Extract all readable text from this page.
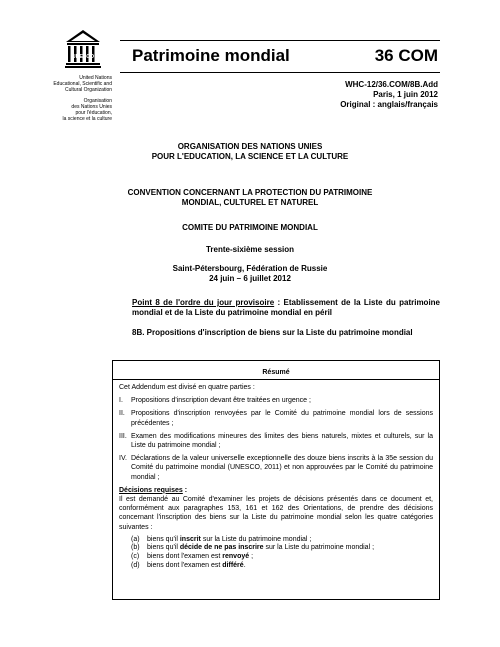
UNESCO
United Nations
Educational, Scientific and
Cultural Organization
Organisation
des Nations Unies
pour l'éducation,
la science et la culture
Patrimoine mondial	36 COM
WHC-12/36.COM/8B.Add
Paris, 1 juin 2012
Original : anglais/français
ORGANISATION DES NATIONS UNIES
POUR L'EDUCATION, LA SCIENCE ET LA CULTURE
CONVENTION CONCERNANT LA PROTECTION DU PATRIMOINE
MONDIAL, CULTUREL ET NATUREL
COMITE DU PATRIMOINE MONDIAL
Trente-sixième session
Saint-Pétersbourg, Fédération de Russie
24 juin – 6 juillet 2012
Point 8 de l'ordre du jour provisoire : Etablissement de la Liste du patrimoine mondial et de la Liste du patrimoine mondial en péril
8B. Propositions d'inscription de biens sur la Liste du patrimoine mondial
Résumé

Cet Addendum est divisé en quatre parties :

I.	Propositions d'inscription devant être traitées en urgence ;
II. Propositions d'inscription renvoyées par le Comité du patrimoine mondial lors de sessions précédentes ;
III. Examen des modifications mineures des limites des biens naturels, mixtes et culturels, sur la Liste du patrimoine mondial ;
IV. Déclarations de la valeur universelle exceptionnelle des douze biens inscrits à la 35e session du Comité du patrimoine mondial (UNESCO, 2011) et non approuvées par le Comité du patrimoine mondial ;

Décisions requises :
Il est demandé au Comité d'examiner les projets de décisions présentés dans ce document et, conformément aux paragraphes 153, 161 et 162 des Orientations, de prendre des décisions concernant l'inscription des biens sur la Liste du patrimoine mondial selon les quatre catégories suivantes :

(a)	biens qu'il inscrit sur la Liste du patrimoine mondial ;
(b)	biens qu'il décide de ne pas inscrire sur la Liste du patrimoine mondial ;
(c)	biens dont l'examen est renvoyé ;
(d)	biens dont l'examen est différé.
